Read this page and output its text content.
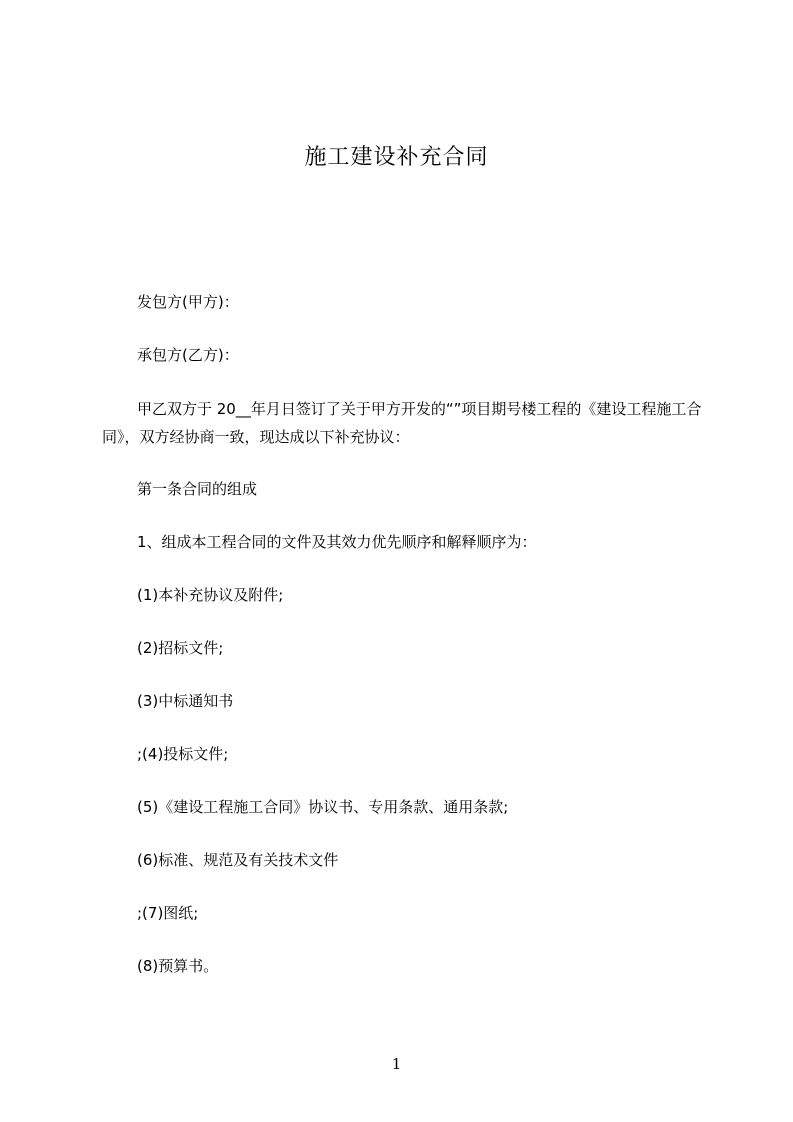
施工建设补充合同
发包方(甲方)：
承包方(乙方)：
甲乙双方于 20__年月日签订了关于甲方开发的“”项目期号楼工程的《建设工程施工合同》，双方经协商一致，现达成以下补充协议：
第一条合同的组成
1、组成本工程合同的文件及其效力优先顺序和解释顺序为：
(1)本补充协议及附件;
(2)招标文件;
(3)中标通知书
;(4)投标文件;
(5)《建设工程施工合同》协议书、专用条款、通用条款;
(6)标准、规范及有关技术文件
;(7)图纸;
(8)预算书。
1
